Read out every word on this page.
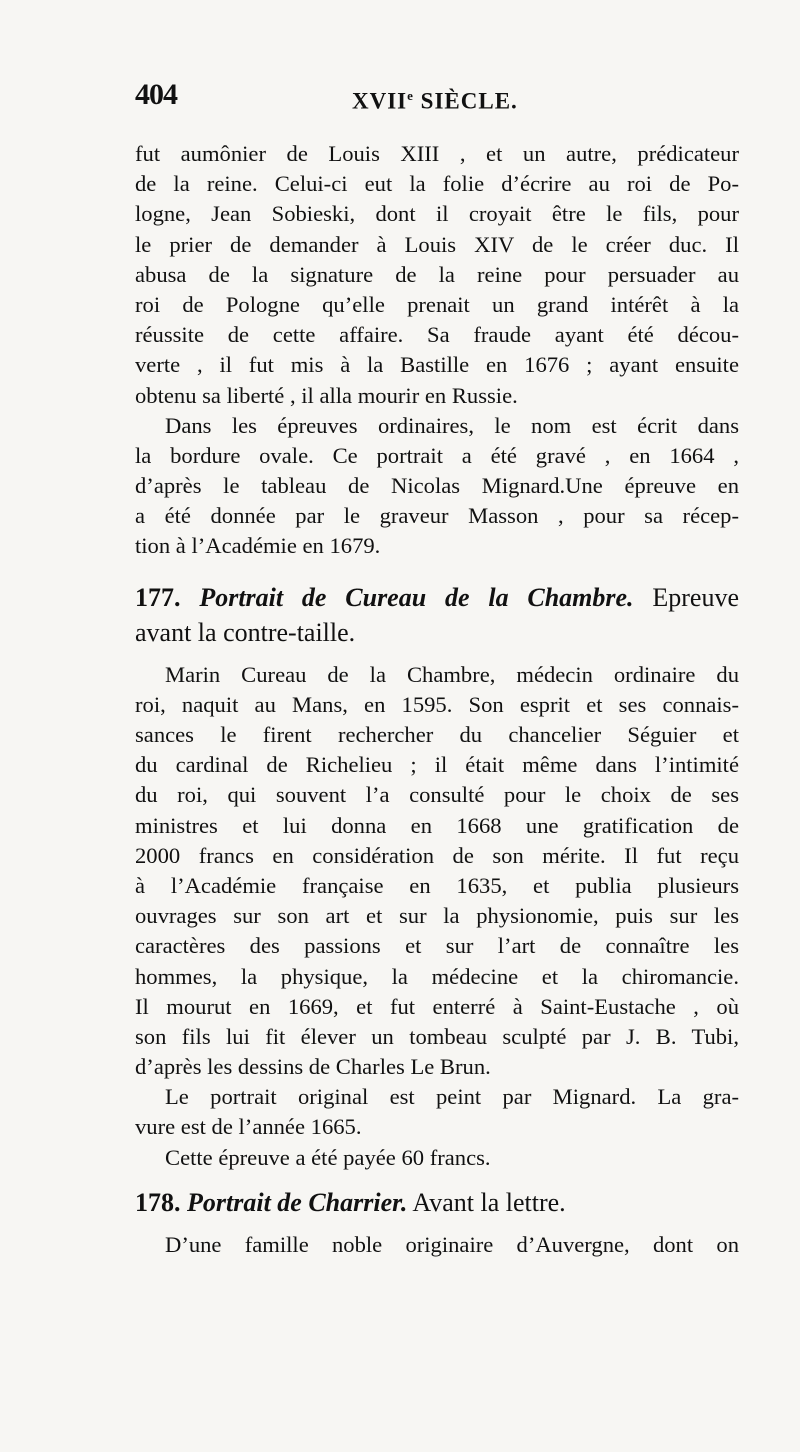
404	XVIIe SIÈCLE.
fut aumônier de Louis XIII , et un autre, prédicateur
de la reine. Celui-ci eut la folie d’écrire au roi de Po-
logne, Jean Sobieski, dont il croyait être le fils, pour
le prier de demander à Louis XIV de le créer duc. Il
abusa de la signature de la reine pour persuader au
roi de Pologne qu’elle prenait un grand intérêt à la
réussite de cette affaire. Sa fraude ayant été décou-
verte , il fut mis à la Bastille en 1676 ; ayant ensuite
obtenu sa liberté , il alla mourir en Russie.
Dans les épreuves ordinaires, le nom est écrit dans
la bordure ovale. Ce portrait a été gravé , en 1664 ,
d’après le tableau de Nicolas Mignard.Une épreuve en
a été donnée par le graveur Masson , pour sa récep-
tion à l’Académie en 1679.
177. Portrait de Cureau de la Chambre. Epreuve
avant la contre-taille.
Marin Cureau de la Chambre, médecin ordinaire du
roi, naquit au Mans, en 1595. Son esprit et ses connais-
sances le firent rechercher du chancelier Séguier et
du cardinal de Richelieu ; il était même dans l’intimité
du roi, qui souvent l’a consulté pour le choix de ses
ministres et lui donna en 1668 une gratification de
2000 francs en considération de son mérite. Il fut reçu
à l’Académie française en 1635, et publia plusieurs
ouvrages sur son art et sur la physionomie, puis sur les
caractères des passions et sur l’art de connaître les
hommes, la physique, la médecine et la chiromancie.
Il mourut en 1669, et fut enterré à Saint-Eustache , où
son fils lui fit élever un tombeau sculpté par J. B. Tubi,
d’après les dessins de Charles Le Brun.
Le portrait original est peint par Mignard. La gra-
vure est de l’année 1665.
Cette épreuve a été payée 60 francs.
178. Portrait de Charrier. Avant la lettre.
D’une famille noble originaire d’Auvergne, dont on
